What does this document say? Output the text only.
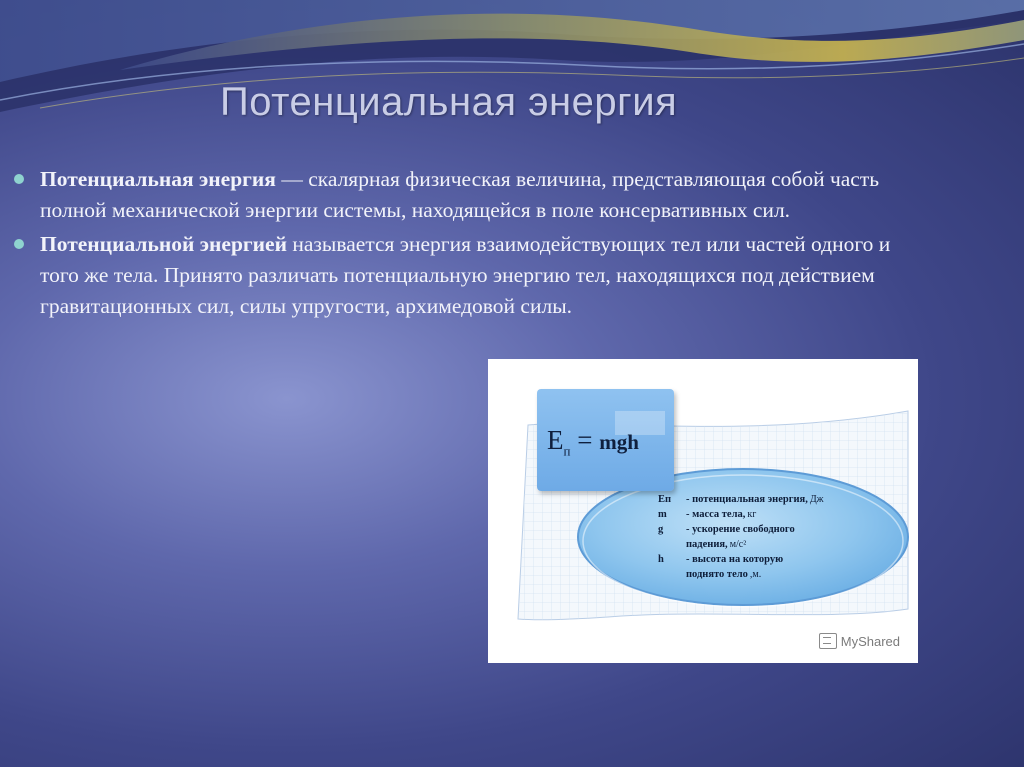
Потенциальная энергия
Потенциальная энергия — скалярная физическая величина, представляющая собой часть полной механической энергии системы, находящейся в поле консервативных сил.
Потенциальной энергией называется энергия взаимодействующих тел или частей одного и того же тела. Принято различать потенциальную энергию тел, находящихся под действием гравитационных сил, силы упругости, архимедовой силы.
$E_п$ = mgh
Eп	- потенциальная энергия, Дж
m	- масса тела, кг
g	- ускорение свободного
падения, м/с²
h	- высота на которую
поднято тело ,м.
MyShared
